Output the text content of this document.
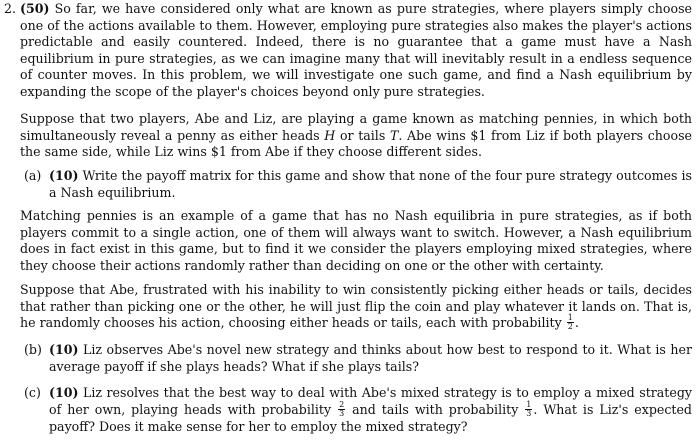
2. (50) So far, we have considered only what are known as pure strategies, where players simply choose one of the actions available to them. However, employing pure strategies also makes the player's actions predictable and easily countered. Indeed, there is no guarantee that a game must have a Nash equilibrium in pure strategies, as we can imagine many that will inevitably result in a endless sequence of counter moves. In this problem, we will investigate one such game, and find a Nash equilibrium by expanding the scope of the player's choices beyond only pure strategies.
Suppose that two players, Abe and Liz, are playing a game known as matching pennies, in which both simultaneously reveal a penny as either heads H or tails T. Abe wins $1 from Liz if both players choose the same side, while Liz wins $1 from Abe if they choose different sides.
(a) (10) Write the payoff matrix for this game and show that none of the four pure strategy outcomes is a Nash equilibrium.
Matching pennies is an example of a game that has no Nash equilibria in pure strategies, as if both players commit to a single action, one of them will always want to switch. However, a Nash equilibrium does in fact exist in this game, but to find it we consider the players employing mixed strategies, where they choose their actions randomly rather than deciding on one or the other with certainty.
Suppose that Abe, frustrated with his inability to win consistently picking either heads or tails, decides that rather than picking one or the other, he will just flip the coin and play whatever it lands on. That is, he randomly chooses his action, choosing either heads or tails, each with probability $\frac{1}{2}$ .
(b) (10) Liz observes Abe's novel new strategy and thinks about how best to respond to it. What is her average payoff if she plays heads? What if she plays tails?
(c) (10) Liz resolves that the best way to deal with Abe's mixed strategy is to employ a mixed strategy of her own, playing heads with probability $\frac{2}{3}$ and tails with probability $\frac{1}{3}$ . What is Liz's expected payoff? Does it make sense for her to employ the mixed strategy?
